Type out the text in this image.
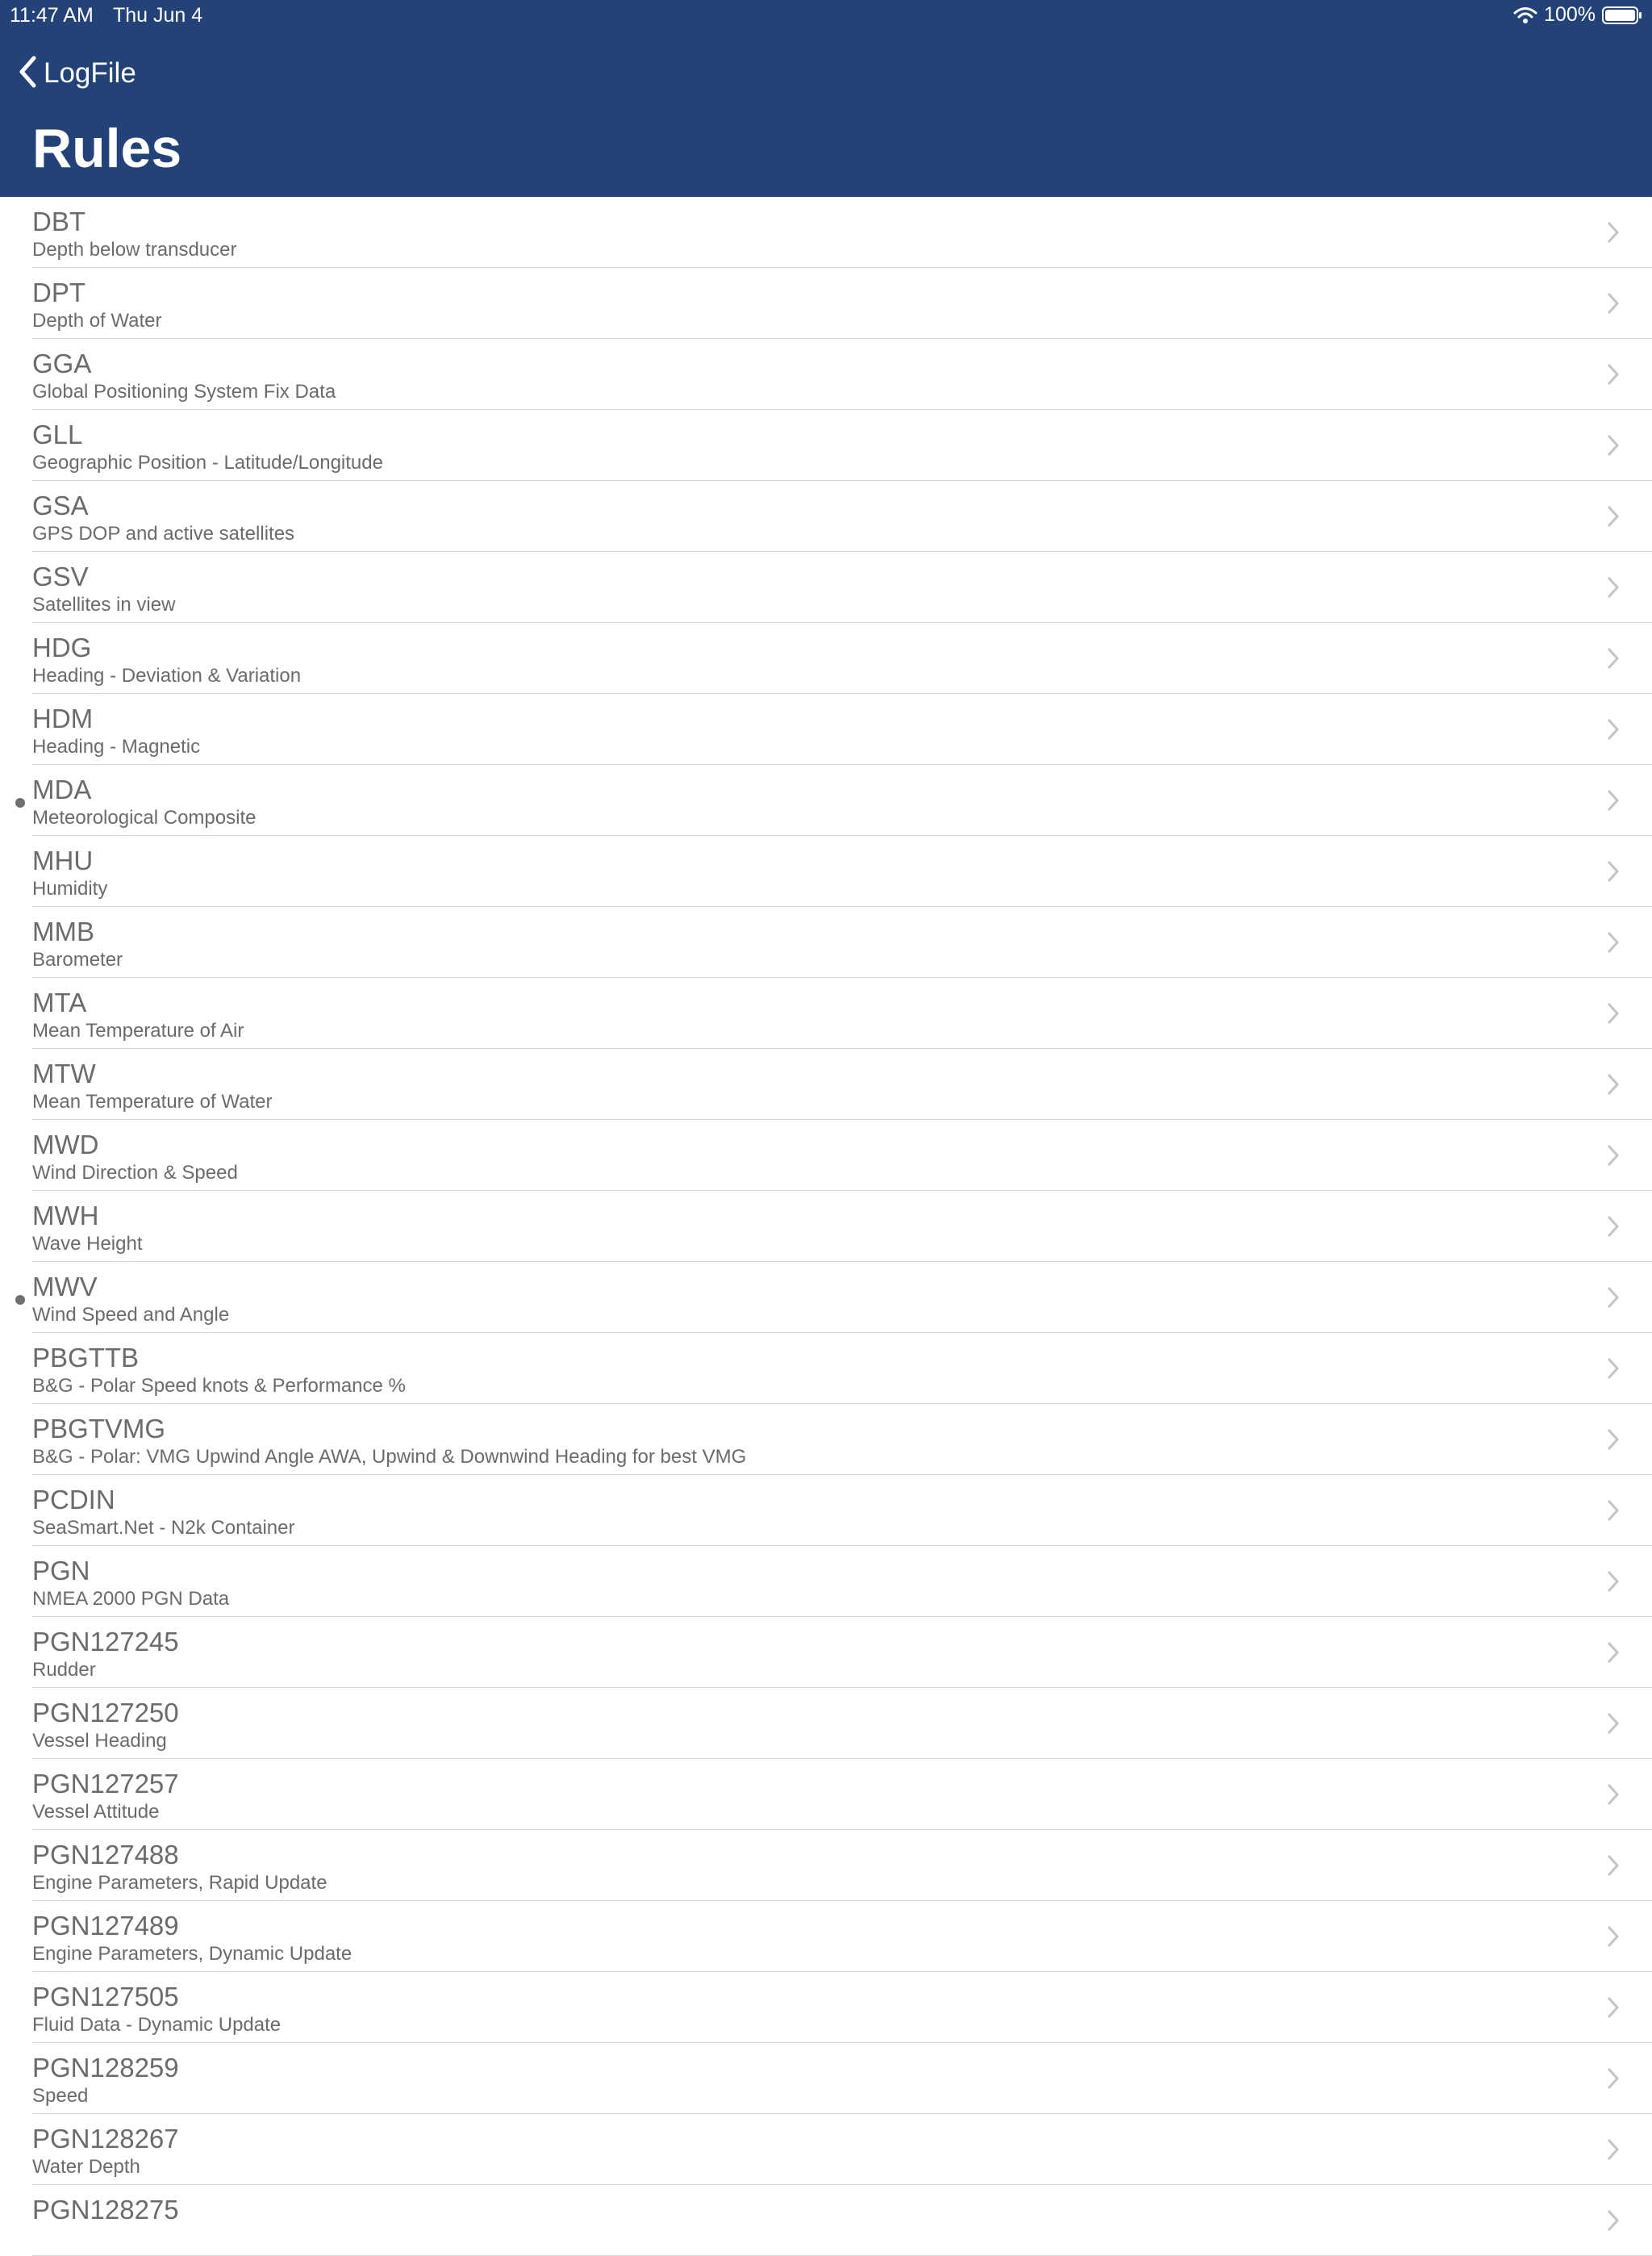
11:47 AM Thu Jun 4	100%
LogFile
Rules
DBT
Depth below transducer
DPT
Depth of Water
GGA
Global Positioning System Fix Data
GLL
Geographic Position - Latitude/Longitude
GSA
GPS DOP and active satellites
GSV
Satellites in view
HDG
Heading - Deviation & Variation
HDM
Heading - Magnetic
MDA
Meteorological Composite
MHU
Humidity
MMB
Barometer
MTA
Mean Temperature of Air
MTW
Mean Temperature of Water
MWD
Wind Direction & Speed
MWH
Wave Height
MWV
Wind Speed and Angle
PBGTTB
B&G - Polar Speed knots & Performance %
PBGTVMG
B&G - Polar: VMG Upwind Angle AWA, Upwind & Downwind Heading for best VMG
PCDIN
SeaSmart.Net - N2k Container
PGN
NMEA 2000 PGN Data
PGN127245
Rudder
PGN127250
Vessel Heading
PGN127257
Vessel Attitude
PGN127488
Engine Parameters, Rapid Update
PGN127489
Engine Parameters, Dynamic Update
PGN127505
Fluid Data - Dynamic Update
PGN128259
Speed
PGN128267
Water Depth
PGN128275
